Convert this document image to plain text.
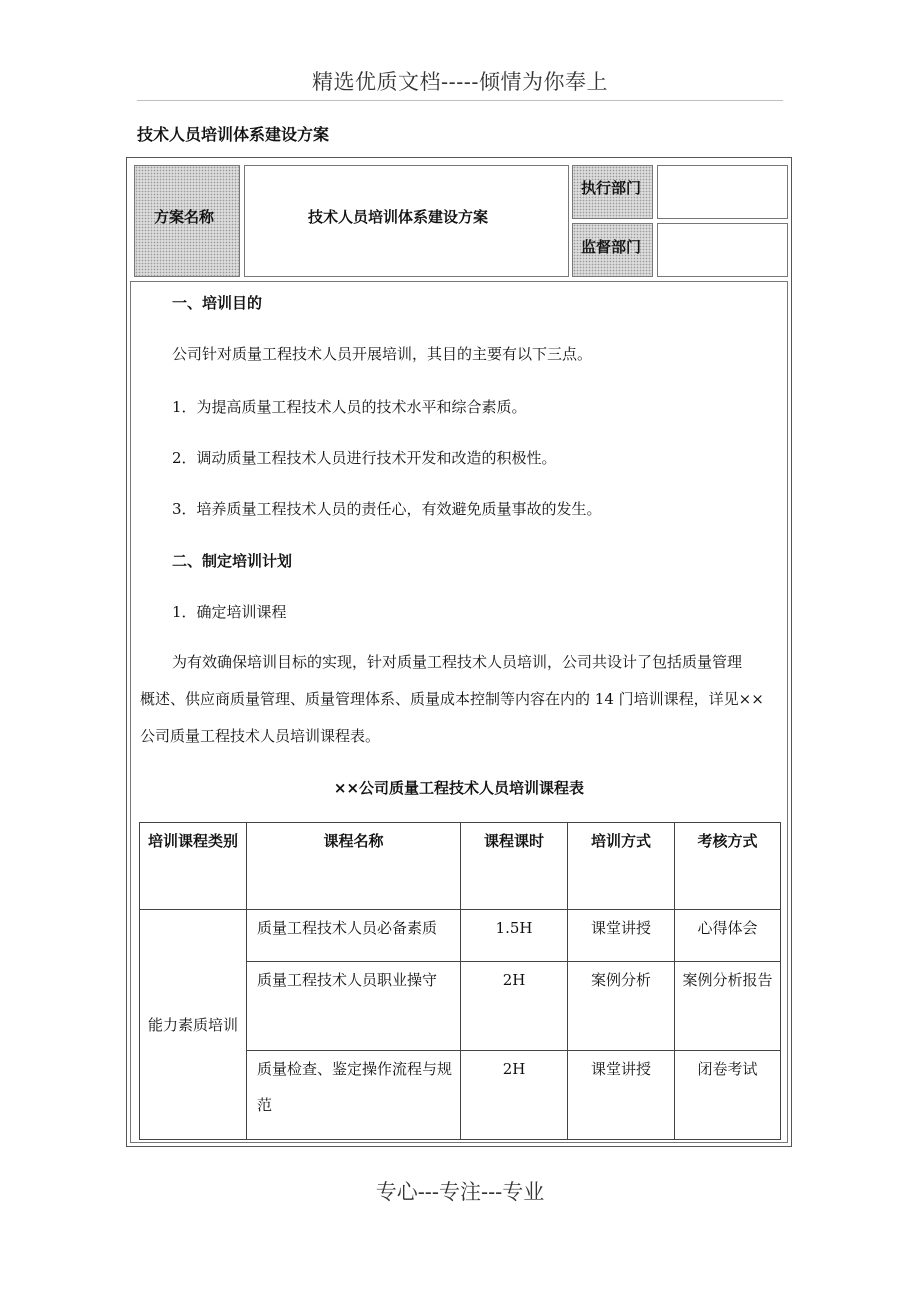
精选优质文档-----倾情为你奉上
技术人员培训体系建设方案
方案名称	技术人员培训体系建设方案
执行部门
监督部门
一、培训目的
公司针对质量工程技术人员开展培训，其目的主要有以下三点。
1．为提高质量工程技术人员的技术水平和综合素质。
2．调动质量工程技术人员进行技术开发和改造的积极性。
3．培养质量工程技术人员的责任心，有效避免质量事故的发生。
二、制定培训计划
1．确定培训课程
为有效确保培训目标的实现，针对质量工程技术人员培训，公司共设计了包括质量管理
概述、供应商质量管理、质量管理体系、质量成本控制等内容在内的 14 门培训课程，详见××
公司质量工程技术人员培训课程表。
××公司质量工程技术人员培训课程表
培训课程类别	课程名称	课程课时	培训方式	考核方式
能力素质培训	质量工程技术人员必备素质	1.5H	课堂讲授	心得体会
	质量工程技术人员职业操守	2H	案例分析	案例分析报告
	质量检查、鉴定操作流程与规范	2H	课堂讲授	闭卷考试
专心---专注---专业
